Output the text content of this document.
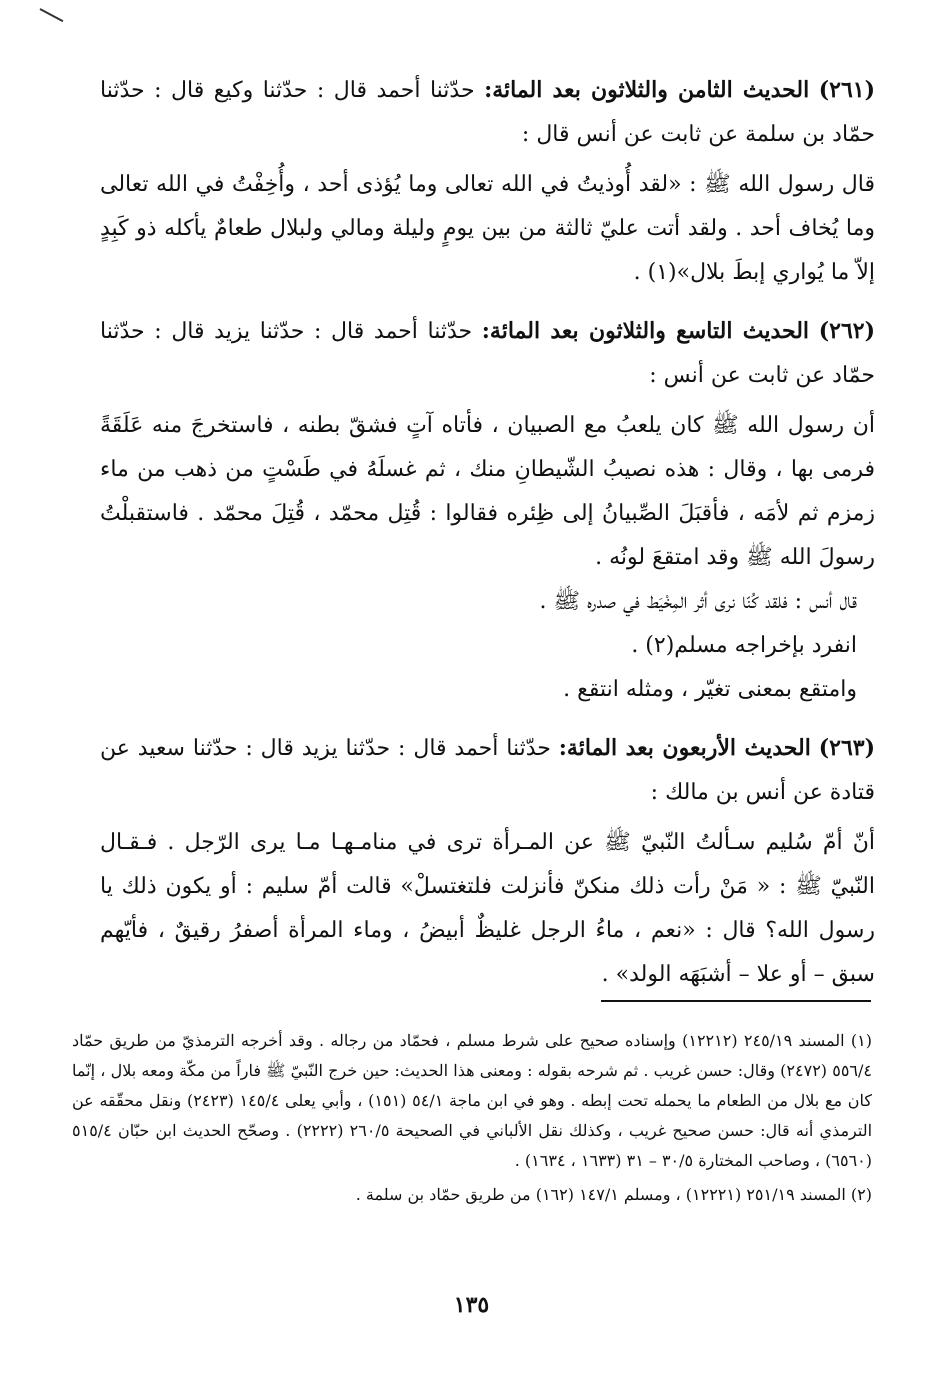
(٢٦١) الحديث الثامن والثلاثون بعد المائة: حدّثنا أحمد قال : حدّثنا وكيع قال : حدّثنا حمّاد بن سلمة عن ثابت عن أنس قال :

قال رسول الله ﷺ : «لقد أُوذيتُ في الله تعالى وما يُؤذى أحد ، وأُخِفْتُ في الله تعالى وما يُخاف أحد . ولقد أتت عليّ ثالثة من بين يومٍ وليلة ومالي ولبلال طعامٌ يأكله ذو كَبِدٍ إلاّ ما يُواري إبطَ بلال»(١) .

(٢٦٢) الحديث التاسع والثلاثون بعد المائة: حدّثنا أحمد قال : حدّثنا يزيد قال : حدّثنا حمّاد عن ثابت عن أنس :

أن رسول الله ﷺ كان يلعبُ مع الصبيان ، فأتاه آتٍ فشقّ بطنه ، فاستخرجَ منه عَلَقَةً فرمى بها ، وقال : هذه نصيبُ الشّيطانِ منك ، ثم غسلَهُ في طَسْتٍ من ذهب من ماء زمزم ثم لأمَه ، فأقبَلَ الصِّبيانُ إلى ظِئره فقالوا : قُتِل محمّد ، قُتِلَ محمّد . فاستقبلْتُ رسولَ الله ﷺ وقد امتقعَ لونُه .

قال أنس : فلقد كُنّا نرى أثر المِخْيَط في صدره ﷺ .

انفرد بإخراجه مسلم(٢) .

وامتقع بمعنى تغيّر ، ومثله انتقع .

(٢٦٣) الحديث الأربعون بعد المائة: حدّثنا أحمد قال : حدّثنا يزيد قال : حدّثنا سعيد عن قتادة عن أنس بن مالك :

أنّ أمّ سُليم سـألتُ النّبيّ ﷺ عن المـرأة ترى في منامـهـا مـا يرى الرّجل . فـقـال النّبيّ ﷺ : « مَنْ رأت ذلك منكنّ فأنزلت فلتغتسلْ» قالت أمّ سليم : أو يكون ذلك يا رسول الله؟ قال : «نعم ، ماءُ الرجل غليظٌ أبيضُ ، وماء المرأة أصفرُ رقيقٌ ، فأيّهم سبق – أو علا – أشبَهَه الولد» .

(١) المسند ٢٤٥/١٩ (١٢٢١٢) وإسناده صحيح على شرط مسلم ، فحمّاد من رجاله . وقد أخرجه الترمذيّ من طريق حمّاد ٥٥٦/٤ (٢٤٧٢) وقال: حسن غريب . ثم شرحه بقوله : ومعنى هذا الحديث: حين خرج النّبيّ ﷺ فاراً من مكّة ومعه بلال ، إنّما كان مع بلال من الطعام ما يحمله تحت إبطه . وهو في ابن ماجة ٥٤/١ (١٥١) ، وأبي يعلى ١٤٥/٤ (٢٤٢٣) ونقل محقّقه عن الترمذي أنه قال: حسن صحيح غريب ، وكذلك نقل الألباني في الصحيحة ٢٦٠/٥ (٢٢٢٢) . وصحّح الحديث ابن حبّان ٥١٥/٤ (٦٥٦٠) ، وصاحب المختارة ٣٠/٥ – ٣١ (١٦٣٣ ، ١٦٣٤) .

(٢) المسند ٢٥١/١٩ (١٢٢٢١) ، ومسلم ١٤٧/١ (١٦٢) من طريق حمّاد بن سلمة .

١٣٥
